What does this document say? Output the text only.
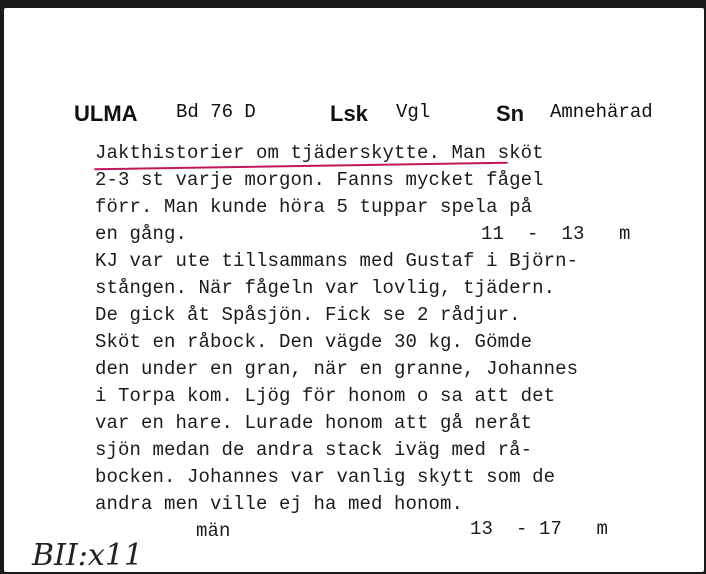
ULMA Bd 76 D	Lsk Vgl	Sn Amnehärad
Jakthistorier om tjäderskytte. Man sköt
2-3 st varje morgon. Fanns mycket fågel
förr. Man kunde höra 5 tuppar spela på
en gång.	11  -  13   m
KJ var ute tillsammans med Gustaf i Björn-
stången. När fågeln var lovlig, tjädern.
De gick åt Spåsjön. Fick se 2 rådjur.
Sköt en råbock. Den vägde 30 kg. Gömde
den under en gran, när en granne, Johannes
i Torpa kom. Ljög för honom o sa att det
var en hare. Lurade honom att gå neråt
sjön medan de andra stack iväg med rå-
bocken. Johannes var vanlig skytt som de
andra men ville ej ha med honom.
män	13  - 17   m
BII:x11
